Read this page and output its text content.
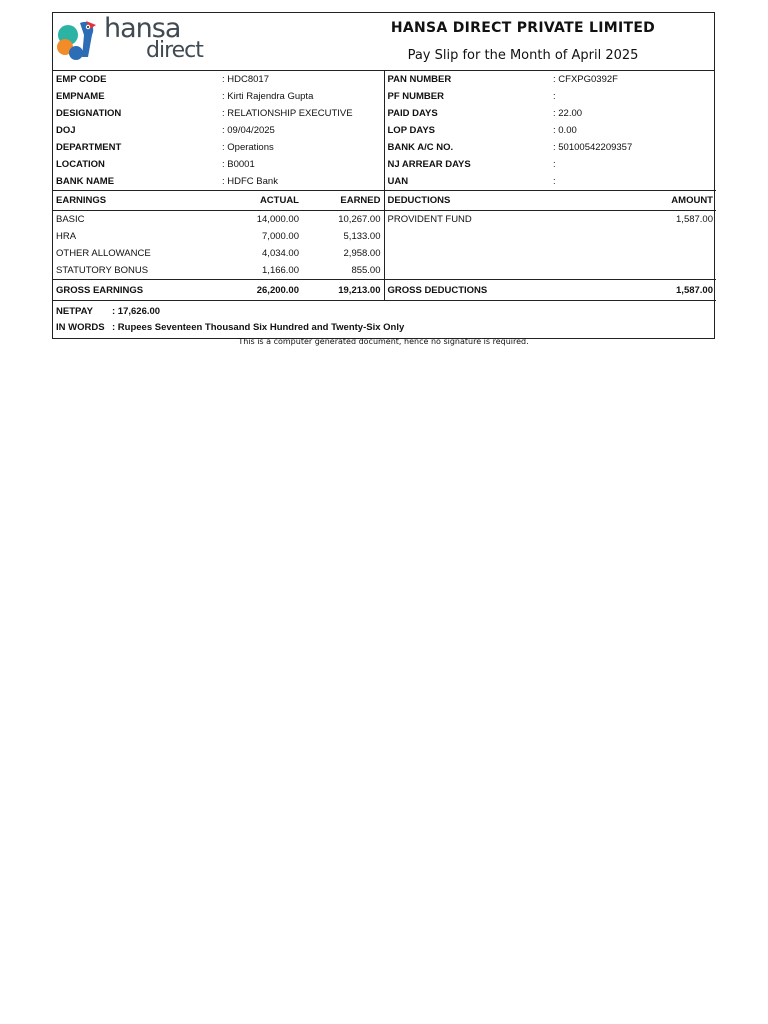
hansa
direct
HANSA DIRECT PRIVATE LIMITED
Pay Slip for the Month of April 2025
EMP CODE	: HDC8017	PAN NUMBER	: CFXPG0392F
EMPNAME	: Kirti Rajendra Gupta	PF NUMBER	:
DESIGNATION	: RELATIONSHIP EXECUTIVE	PAID DAYS	: 22.00
DOJ	: 09/04/2025	LOP DAYS	: 0.00
DEPARTMENT	: Operations	BANK A/C NO.	: 50100542209357
LOCATION	: B0001	NJ ARREAR DAYS	:
BANK NAME	: HDFC Bank	UAN	:
EARNINGS	ACTUAL	EARNED	DEDUCTIONS	AMOUNT
BASIC	14,000.00	10,267.00	PROVIDENT FUND	1,587.00
HRA	7,000.00	5,133.00		
OTHER ALLOWANCE	4,034.00	2,958.00		
STATUTORY BONUS	1,166.00	855.00		
GROSS EARNINGS	26,200.00	19,213.00	GROSS DEDUCTIONS	1,587.00
NETPAY	: 17,626.00
IN WORDS	: Rupees Seventeen Thousand Six Hundred and Twenty-Six Only
This is a computer generated document, hence no signature is required.
